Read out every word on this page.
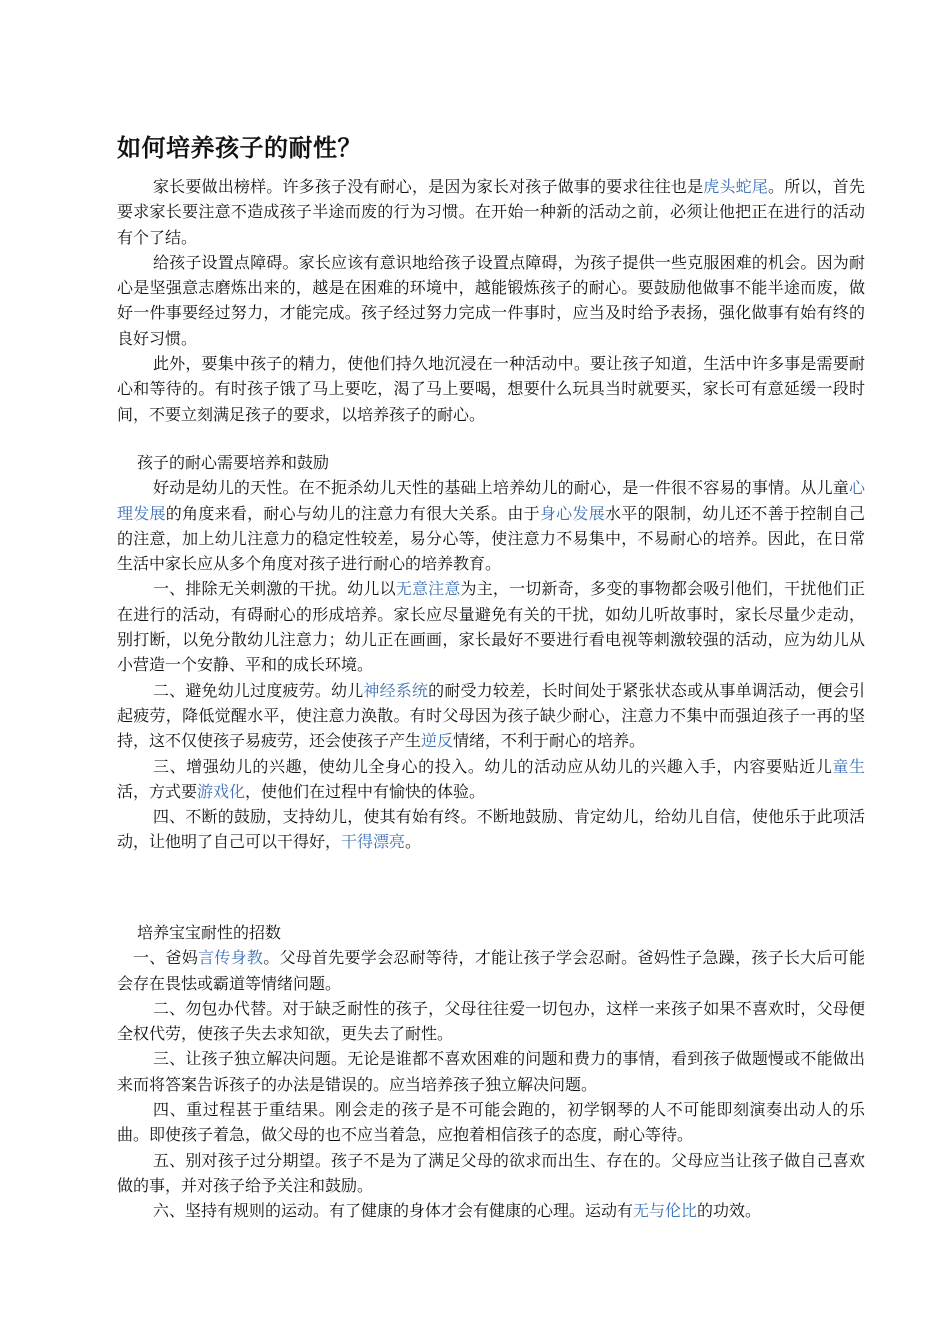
如何培养孩子的耐性？

家长要做出榜样。许多孩子没有耐心，是因为家长对孩子做事的要求往往也是虎头蛇尾。所以，首先要求家长要注意不造成孩子半途而废的行为习惯。在开始一种新的活动之前，必须让他把正在进行的活动有个了结。

给孩子设置点障碍。家长应该有意识地给孩子设置点障碍，为孩子提供一些克服困难的机会。因为耐心是坚强意志磨炼出来的，越是在困难的环境中，越能锻炼孩子的耐心。要鼓励他做事不能半途而废，做好一件事要经过努力，才能完成。孩子经过努力完成一件事时，应当及时给予表扬，强化做事有始有终的良好习惯。

此外，要集中孩子的精力，使他们持久地沉浸在一种活动中。要让孩子知道，生活中许多事是需要耐心和等待的。有时孩子饿了马上要吃，渴了马上要喝，想要什么玩具当时就要买，家长可有意延缓一段时间，不要立刻满足孩子的要求，以培养孩子的耐心。

孩子的耐心需要培养和鼓励

好动是幼儿的天性。在不扼杀幼儿天性的基础上培养幼儿的耐心，是一件很不容易的事情。从儿童心理发展的角度来看，耐心与幼儿的注意力有很大关系。由于身心发展水平的限制，幼儿还不善于控制自己的注意，加上幼儿注意力的稳定性较差，易分心等，使注意力不易集中，不易耐心的培养。因此，在日常生活中家长应从多个角度对孩子进行耐心的培养教育。

一、排除无关刺激的干扰。幼儿以无意注意为主，一切新奇，多变的事物都会吸引他们，干扰他们正在进行的活动，有碍耐心的形成培养。家长应尽量避免有关的干扰，如幼儿听故事时，家长尽量少走动，别打断，以免分散幼儿注意力；幼儿正在画画，家长最好不要进行看电视等刺激较强的活动，应为幼儿从小营造一个安静、平和的成长环境。

二、避免幼儿过度疲劳。幼儿神经系统的耐受力较差，长时间处于紧张状态或从事单调活动，便会引起疲劳，降低觉醒水平，使注意力涣散。有时父母因为孩子缺少耐心，注意力不集中而强迫孩子一再的坚持，这不仅使孩子易疲劳，还会使孩子产生逆反情绪，不利于耐心的培养。

三、增强幼儿的兴趣，使幼儿全身心的投入。幼儿的活动应从幼儿的兴趣入手，内容要贴近儿童生活，方式要游戏化，使他们在过程中有愉快的体验。

四、不断的鼓励，支持幼儿，使其有始有终。不断地鼓励、肯定幼儿，给幼儿自信，使他乐于此项活动，让他明了自己可以干得好，干得漂亮。

培养宝宝耐性的招数

一、爸妈言传身教。父母首先要学会忍耐等待，才能让孩子学会忍耐。爸妈性子急躁，孩子长大后可能会存在畏怯或霸道等情绪问题。

二、勿包办代替。对于缺乏耐性的孩子，父母往往爱一切包办，这样一来孩子如果不喜欢时，父母便全权代劳，使孩子失去求知欲，更失去了耐性。

三、让孩子独立解决问题。无论是谁都不喜欢困难的问题和费力的事情，看到孩子做题慢或不能做出来而将答案告诉孩子的办法是错误的。应当培养孩子独立解决问题。

四、重过程甚于重结果。刚会走的孩子是不可能会跑的，初学钢琴的人不可能即刻演奏出动人的乐曲。即使孩子着急，做父母的也不应当着急，应抱着相信孩子的态度，耐心等待。

五、别对孩子过分期望。孩子不是为了满足父母的欲求而出生、存在的。父母应当让孩子做自己喜欢做的事，并对孩子给予关注和鼓励。

六、坚持有规则的运动。有了健康的身体才会有健康的心理。运动有无与伦比的功效。
